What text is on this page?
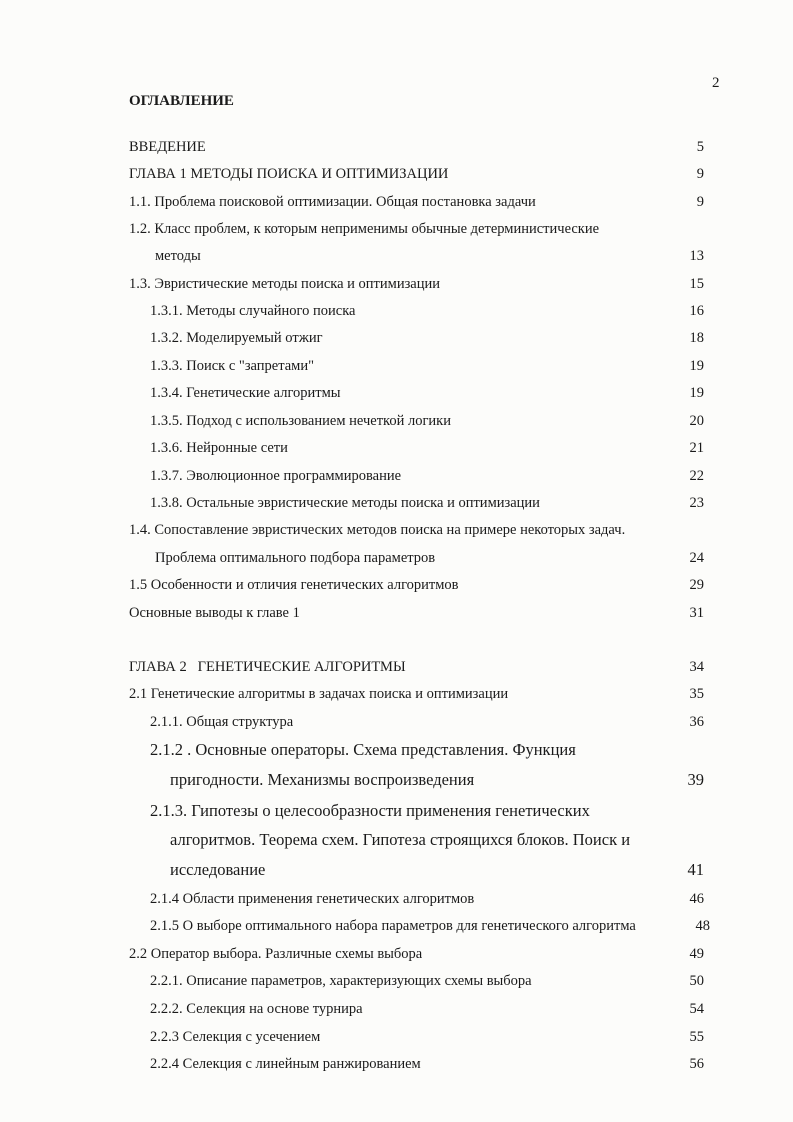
2
ОГЛАВЛЕНИЕ
ВВЕДЕНИЕ	5
ГЛАВА 1 МЕТОДЫ ПОИСКА И ОПТИМИЗАЦИИ	9
1.1. Проблема поисковой оптимизации. Общая постановка задачи	9
1.2. Класс проблем, к которым неприменимы обычные детерминистические
методы	13
1.3. Эвристические методы поиска и оптимизации	15
1.3.1. Методы случайного поиска	16
1.3.2. Моделируемый отжиг	18
1.3.3. Поиск с "запретами"	19
1.3.4. Генетические алгоритмы	19
1.3.5. Подход с использованием нечеткой логики	20
1.3.6. Нейронные сети	21
1.3.7. Эволюционное программирование	22
1.3.8. Остальные эвристические методы поиска и оптимизации	23
1.4. Сопоставление эвристических методов поиска на примере некоторых задач.
Проблема оптимального подбора параметров	24
1.5 Особенности и отличия генетических алгоритмов	29
Основные выводы к главе 1	31
ГЛАВА 2   ГЕНЕТИЧЕСКИЕ АЛГОРИТМЫ	34
2.1 Генетические алгоритмы в задачах поиска и оптимизации	35
2.1.1. Общая структура	36
2.1.2 . Основные операторы. Схема представления. Функция
пригодности. Механизмы воспроизведения	39
2.1.3. Гипотезы о целесообразности применения генетических
алгоритмов. Теорема схем. Гипотеза строящихся блоков. Поиск и
исследование	41
2.1.4 Области применения генетических алгоритмов	46
2.1.5 О выборе оптимального набора параметров для генетического алгоритма	48
2.2 Оператор выбора. Различные схемы выбора	49
2.2.1. Описание параметров, характеризующих схемы выбора	50
2.2.2. Селекция на основе турнира	54
2.2.3 Селекция с усечением	55
2.2.4 Селекция с линейным ранжированием	56
